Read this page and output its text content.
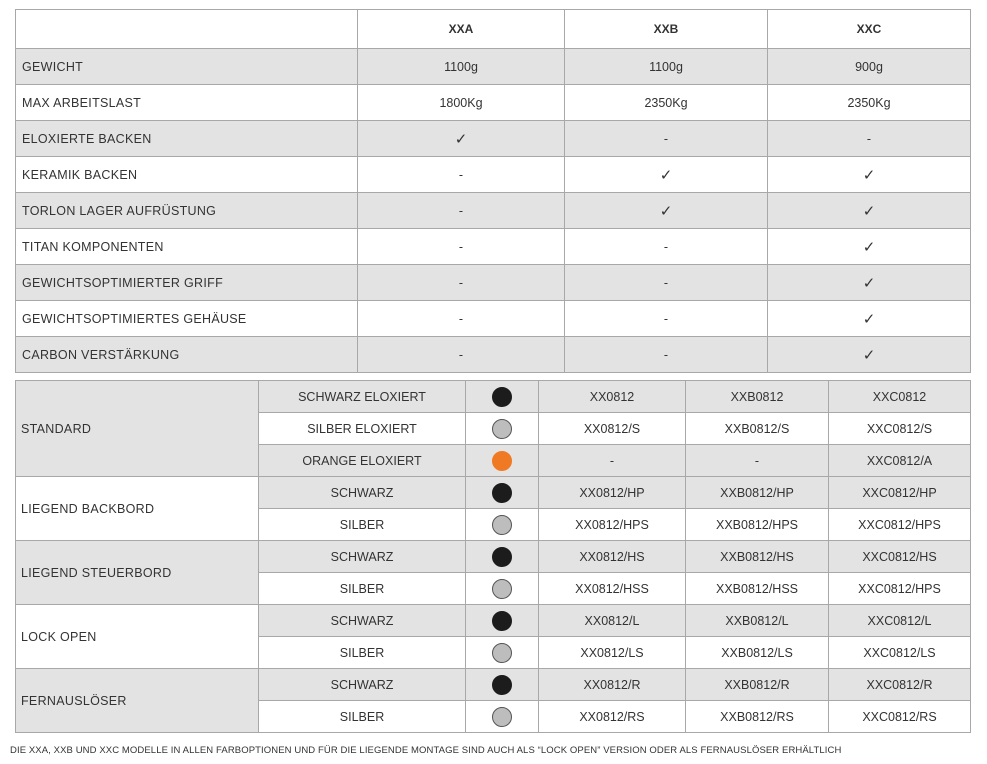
	XXA	XXB	XXC
GEWICHT	1100g	1100g	900g
MAX ARBEITSLAST	1800Kg	2350Kg	2350Kg
ELOXIERTE BACKEN	✓	-	-
KERAMIK BACKEN	-	✓	✓
TORLON LAGER AUFRÜSTUNG	-	✓	✓
TITAN KOMPONENTEN	-	-	✓
GEWICHTSOPTIMIERTER GRIFF	-	-	✓
GEWICHTSOPTIMIERTES GEHÄUSE	-	-	✓
CARBON VERSTÄRKUNG	-	-	✓
STANDARD	SCHWARZ ELOXIERT		XX0812	XXB0812	XXC0812
	SILBER ELOXIERT		XX0812/S	XXB0812/S	XXC0812/S
	ORANGE ELOXIERT		-	-	XXC0812/A
LIEGEND BACKBORD	SCHWARZ		XX0812/HP	XXB0812/HP	XXC0812/HP
	SILBER		XX0812/HPS	XXB0812/HPS	XXC0812/HPS
LIEGEND STEUERBORD	SCHWARZ		XX0812/HS	XXB0812/HS	XXC0812/HS
	SILBER		XX0812/HSS	XXB0812/HSS	XXC0812/HPS
LOCK OPEN	SCHWARZ		XX0812/L	XXB0812/L	XXC0812/L
	SILBER		XX0812/LS	XXB0812/LS	XXC0812/LS
FERNAUSLÖSER	SCHWARZ		XX0812/R	XXB0812/R	XXC0812/R
	SILBER		XX0812/RS	XXB0812/RS	XXC0812/RS
DIE XXA, XXB UND XXC MODELLE IN ALLEN FARBOPTIONEN UND FÜR DIE LIEGENDE MONTAGE SIND AUCH ALS “LOCK OPEN” VERSION ODER ALS FERNAUSLÖSER ERHÄLTLICH
